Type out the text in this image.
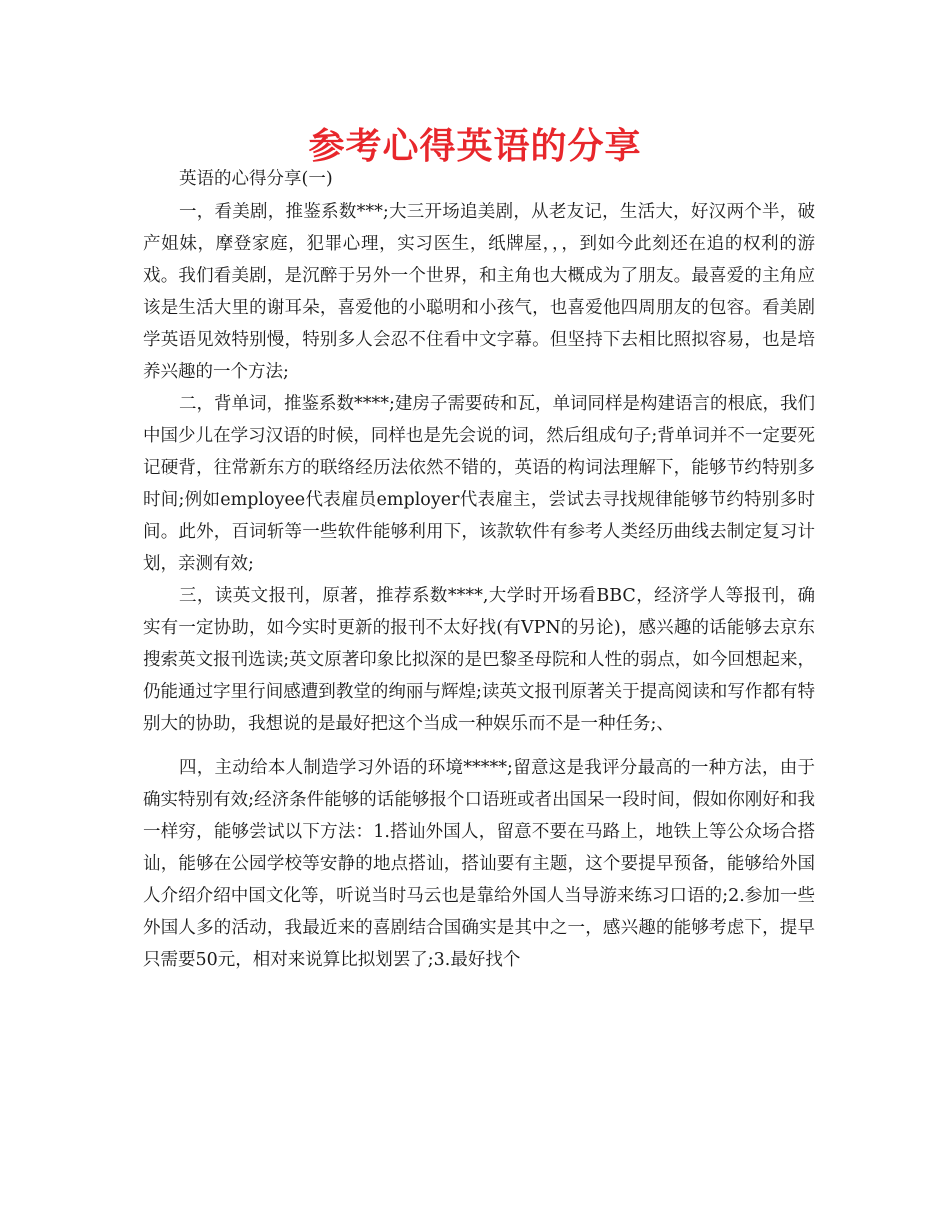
参考心得英语的分享

英语的心得分享(一)

一，看美剧，推鉴系数***;大三开场追美剧，从老友记，生活大，好汉两个半，破产姐妹，摩登家庭，犯罪心理，实习医生，纸牌屋，，，到如今此刻还在追的权利的游戏。我们看美剧，是沉醉于另外一个世界，和主角也大概成为了朋友。最喜爱的主角应该是生活大里的谢耳朵，喜爱他的小聪明和小孩气，也喜爱他四周朋友的包容。看美剧学英语见效特别慢，特别多人会忍不住看中文字幕。但坚持下去相比照拟容易，也是培养兴趣的一个方法;

二，背单词，推鉴系数****;建房子需要砖和瓦，单词同样是构建语言的根底，我们中国少儿在学习汉语的时候，同样也是先会说的词，然后组成句子;背单词并不一定要死记硬背，往常新东方的联络经历法依然不错的，英语的构词法理解下，能够节约特别多时间;例如employee代表雇员employer代表雇主，尝试去寻找规律能够节约特别多时间。此外，百词斩等一些软件能够利用下，该款软件有参考人类经历曲线去制定复习计划，亲测有效;

三，读英文报刊，原著，推荐系数****,大学时开场看BBC，经济学人等报刊，确实有一定协助，如今实时更新的报刊不太好找(有VPN的另论)，感兴趣的话能够去京东搜索英文报刊选读;英文原著印象比拟深的是巴黎圣母院和人性的弱点，如今回想起来，仍能通过字里行间感遭到教堂的绚丽与辉煌;读英文报刊原著关于提高阅读和写作都有特别大的协助，我想说的是最好把这个当成一种娱乐而不是一种任务;、

四，主动给本人制造学习外语的环境*****;留意这是我评分最高的一种方法，由于确实特别有效;经济条件能够的话能够报个口语班或者出国呆一段时间，假如你刚好和我一样穷，能够尝试以下方法：1.搭讪外国人，留意不要在马路上，地铁上等公众场合搭讪，能够在公园学校等安静的地点搭讪，搭讪要有主题，这个要提早预备，能够给外国人介绍介绍中国文化等，听说当时马云也是靠给外国人当导游来练习口语的;2.参加一些外国人多的活动，我最近来的喜剧结合国确实是其中之一，感兴趣的能够考虑下，提早只需要50元，相对来说算比拟划罢了;3.最好找个
